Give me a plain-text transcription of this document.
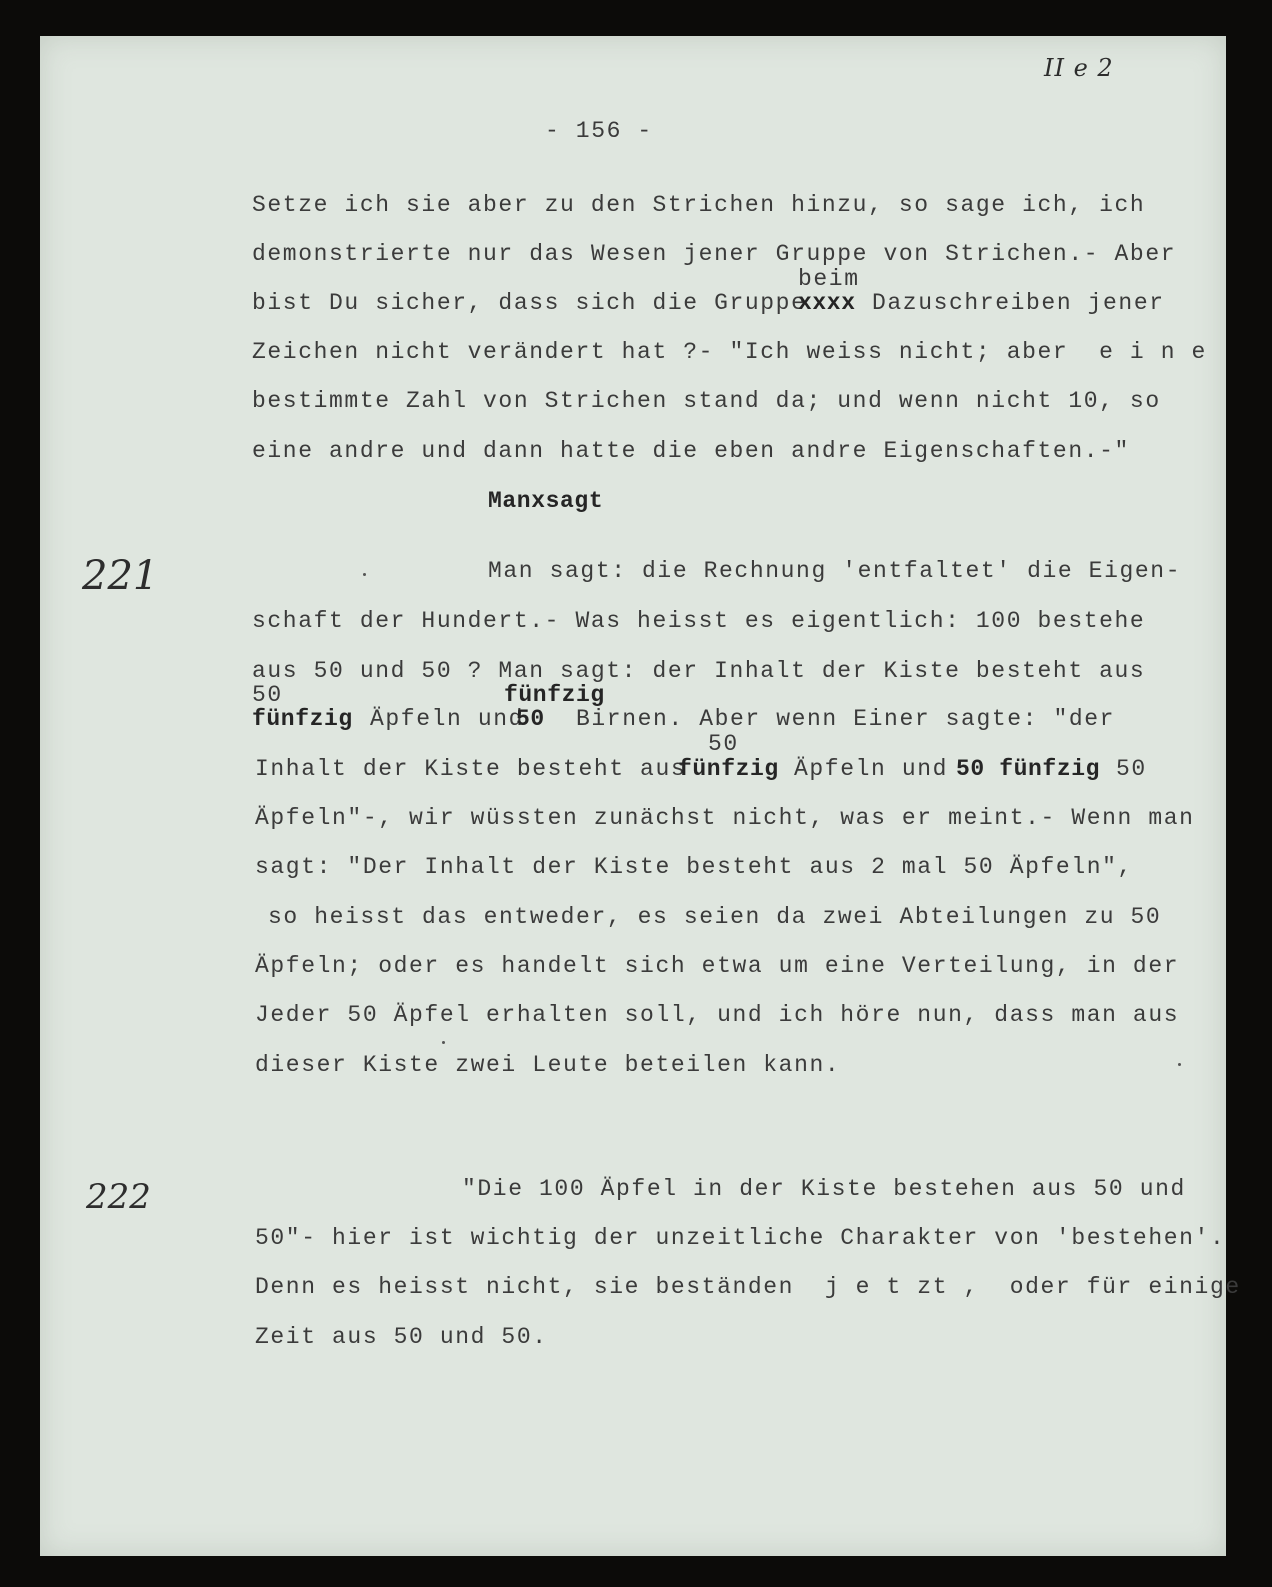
II e 2
- 156 -
Setze ich sie aber zu den Strichen hinzu, so sage ich, ich
demonstrierte nur das Wesen jener Gruppe von Strichen.- Aber
beim
bist Du sicher, dass sich die Gruppe
xxxx Dazuschreiben jener
Zeichen nicht verändert hat ?- "Ich weiss nicht; aber  e i n e
bestimmte Zahl von Strichen stand da; und wenn nicht 10, so
eine andre und dann hatte die eben andre Eigenschaften.-"
Manxsagt
221	Man sagt: die Rechnung 'entfaltet' die Eigen-
schaft der Hundert.- Was heisst es eigentlich: 100 bestehe
aus 50 und 50 ? Man sagt: der Inhalt der Kiste besteht aus
50	fünfzig
fünfzig Äpfeln und
50 Birnen. Aber wenn Einer sagte: "der
50
Inhalt der Kiste besteht aus
fünfzig Äpfeln und 50 fünfzig 50
Äpfeln"-, wir wüssten zunächst nicht, was er meint.- Wenn man
sagt: "Der Inhalt der Kiste besteht aus 2 mal 50 Äpfeln",
so heisst das entweder, es seien da zwei Abteilungen zu 50
Äpfeln; oder es handelt sich etwa um eine Verteilung, in der
Jeder 50 Äpfel erhalten soll, und ich höre nun, dass man aus
dieser Kiste zwei Leute beteilen kann.
222	"Die 100 Äpfel in der Kiste bestehen aus 50 und
50"- hier ist wichtig der unzeitliche Charakter von 'bestehen'.
Denn es heisst nicht, sie beständen  j e t zt ,  oder für einige
Zeit aus 50 und 50.
